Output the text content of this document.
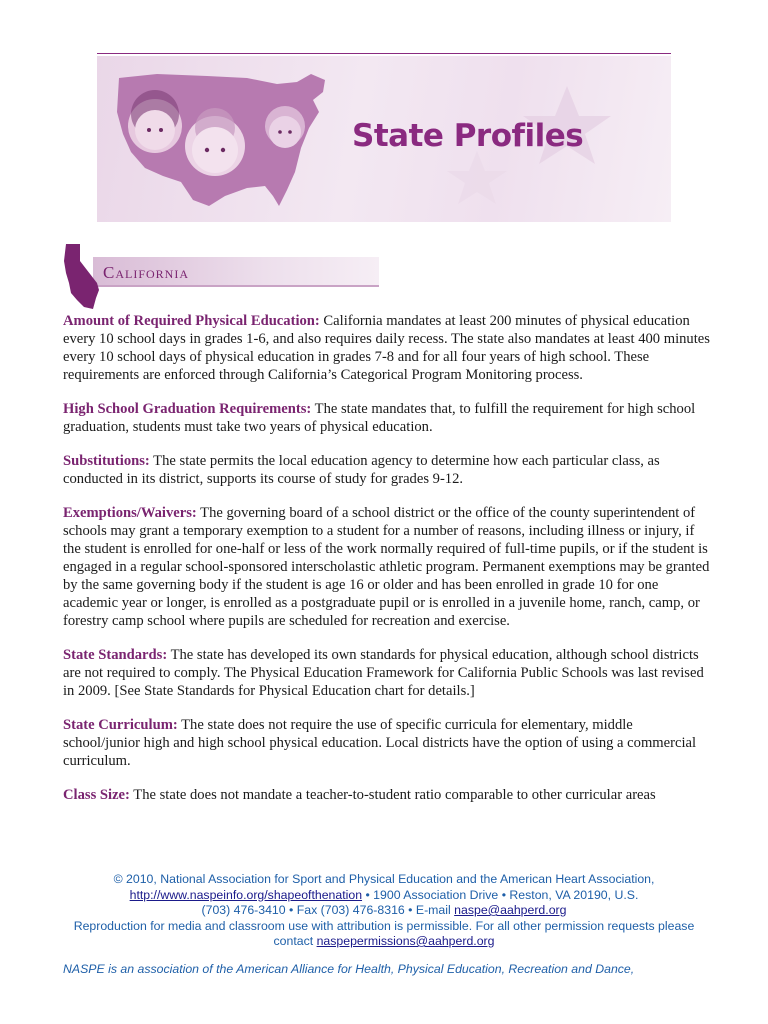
State Profiles
California

Amount of Required Physical Education: California mandates at least 200 minutes of physical education every 10 school days in grades 1-6, and also requires daily recess. The state also mandates at least 400 minutes every 10 school days of physical education in grades 7-8 and for all four years of high school. These requirements are enforced through California’s Categorical Program Monitoring process.

High School Graduation Requirements: The state mandates that, to fulfill the requirement for high school graduation, students must take two years of physical education.

Substitutions: The state permits the local education agency to determine how each particular class, as conducted in its district, supports its course of study for grades 9-12.

Exemptions/Waivers: The governing board of a school district or the office of the county superintendent of schools may grant a temporary exemption to a student for a number of reasons, including illness or injury, if the student is enrolled for one-half or less of the work normally required of full-time pupils, or if the student is engaged in a regular school-sponsored interscholastic athletic program. Permanent exemptions may be granted by the same governing body if the student is age 16 or older and has been enrolled in grade 10 for one academic year or longer, is enrolled as a postgraduate pupil or is enrolled in a juvenile home, ranch, camp, or forestry camp school where pupils are scheduled for recreation and exercise.

State Standards: The state has developed its own standards for physical education, although school districts are not required to comply. The Physical Education Framework for California Public Schools was last revised in 2009. [See State Standards for Physical Education chart for details.]

State Curriculum: The state does not require the use of specific curricula for elementary, middle school/junior high and high school physical education. Local districts have the option of using a commercial curriculum.

Class Size: The state does not mandate a teacher-to-student ratio comparable to other curricular areas

© 2010, National Association for Sport and Physical Education and the American Heart Association,
http://www.naspeinfo.org/shapeofthenation • 1900 Association Drive • Reston, VA 20190, U.S.
(703) 476-3410 • Fax (703) 476-8316 • E-mail naspe@aahperd.org
Reproduction for media and classroom use with attribution is permissible. For all other permission requests please
contact naspepermissions@aahperd.org
NASPE is an association of the American Alliance for Health, Physical Education, Recreation and Dance,
